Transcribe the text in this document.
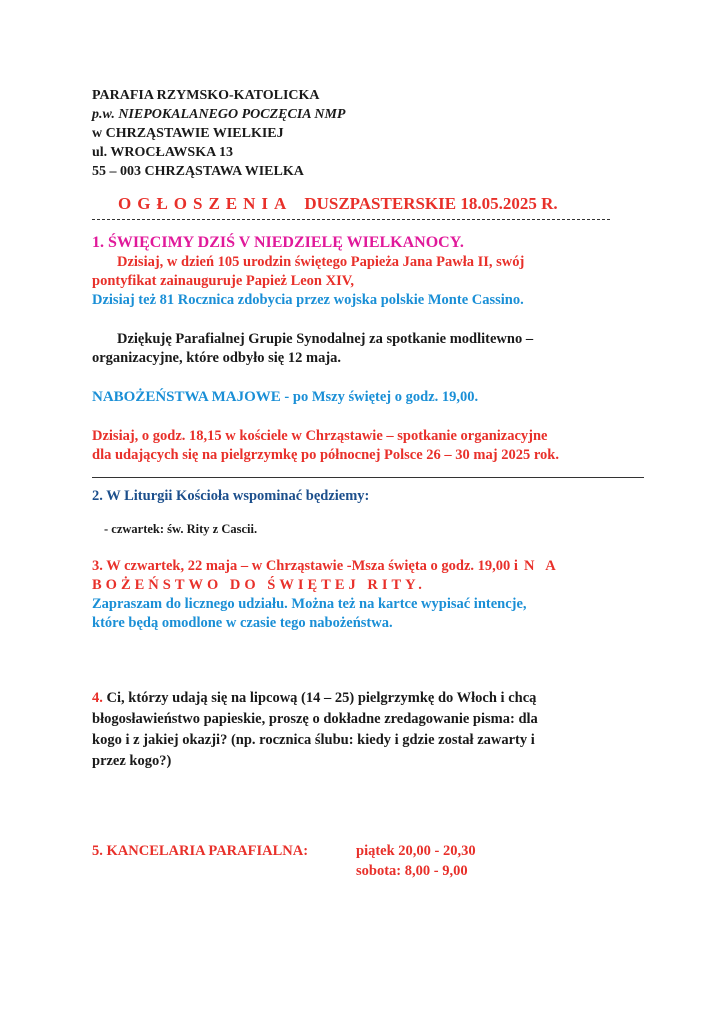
PARAFIA RZYMSKO-KATOLICKA
p.w. NIEPOKALANEGO POCZĘCIA NMP
w CHRZĄSTAWIE WIELKIEJ
ul. WROCŁAWSKA 13
55 – 003 CHRZĄSTAWA WIELKA
OGŁOSZENIA DUSZPASTERSKIE 18.05.2025 R.
1. ŚWIĘCIMY DZIŚ V NIEDZIELĘ WIELKANOCY.
Dzisiaj, w dzień 105 urodzin świętego Papieża Jana Pawła II, swój
pontyfikat zainauguruje Papież Leon XIV,
Dzisiaj też 81 Rocznica zdobycia przez wojska polskie Monte Cassino.
Dziękuję Parafialnej Grupie Synodalnej za spotkanie modlitewno –
organizacyjne, które odbyło się 12 maja.
NABOŻEŃSTWA MAJOWE - po Mszy świętej o godz. 19,00.
Dzisiaj, o godz. 18,15 w kościele w Chrząstawie – spotkanie organizacyjne
dla udających się na pielgrzymkę po północnej Polsce 26 – 30 maj 2025 rok.
2. W Liturgii Kościoła wspominać będziemy:
- czwartek: św. Rity z Cascii.
3. W czwartek, 22 maja – w Chrząstawie -Msza święta o godz. 19,00 i N A
BOŻEŃSTWO DO ŚWIĘTEJ RITY.
Zapraszam do licznego udziału. Można też na kartce wypisać intencje,
które będą omodlone w czasie tego nabożeństwa.
4. Ci, którzy udają się na lipcową (14 – 25) pielgrzymkę do Włoch i chcą
błogosławieństwo papieskie, proszę o dokładne zredagowanie pisma: dla
kogo i z jakiej okazji? (np. rocznica ślubu: kiedy i gdzie został zawarty i
przez kogo?)
5. KANCELARIA PARAFIALNA:	piątek 20,00 - 20,30
sobota: 8,00 - 9,00
